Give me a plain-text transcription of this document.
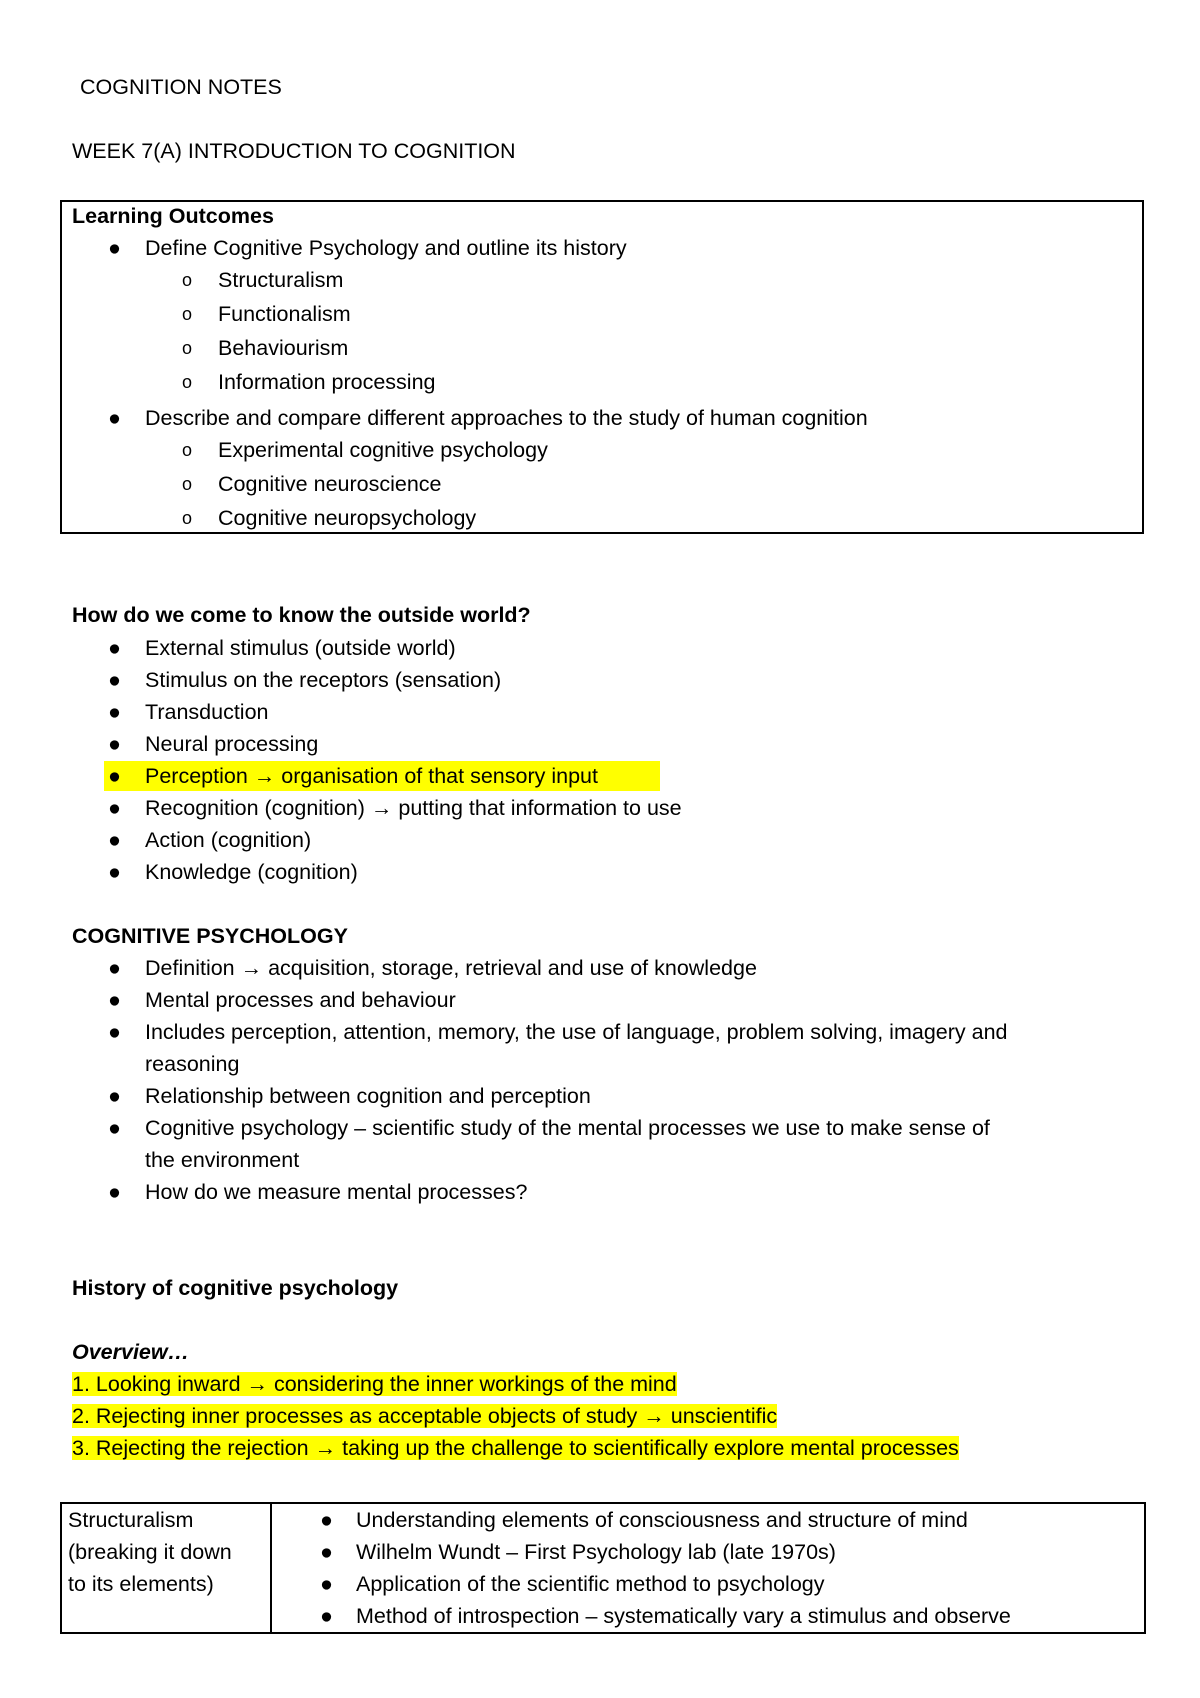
COGNITION NOTES
WEEK 7(A) INTRODUCTION TO COGNITION
Learning Outcomes
● Define Cognitive Psychology and outline its history
o Structuralism
o Functionalism
o Behaviourism
o Information processing
● Describe and compare different approaches to the study of human cognition
o Experimental cognitive psychology
o Cognitive neuroscience
o Cognitive neuropsychology
How do we come to know the outside world?
● External stimulus (outside world)
● Stimulus on the receptors (sensation)
● Transduction
● Neural processing
● Perception → organisation of that sensory input
● Recognition (cognition) → putting that information to use
● Action (cognition)
● Knowledge (cognition)
COGNITIVE PSYCHOLOGY
● Definition → acquisition, storage, retrieval and use of knowledge
● Mental processes and behaviour
● Includes perception, attention, memory, the use of language, problem solving, imagery and
reasoning
● Relationship between cognition and perception
● Cognitive psychology – scientific study of the mental processes we use to make sense of
the environment
● How do we measure mental processes?
History of cognitive psychology
Overview…
1. Looking inward → considering the inner workings of the mind
2. Rejecting inner processes as acceptable objects of study → unscientific
3. Rejecting the rejection → taking up the challenge to scientifically explore mental processes
Structuralism
(breaking it down
to its elements)

● Understanding elements of consciousness and structure of mind
● Wilhelm Wundt – First Psychology lab (late 1970s)
● Application of the scientific method to psychology
● Method of introspection – systematically vary a stimulus and observe
